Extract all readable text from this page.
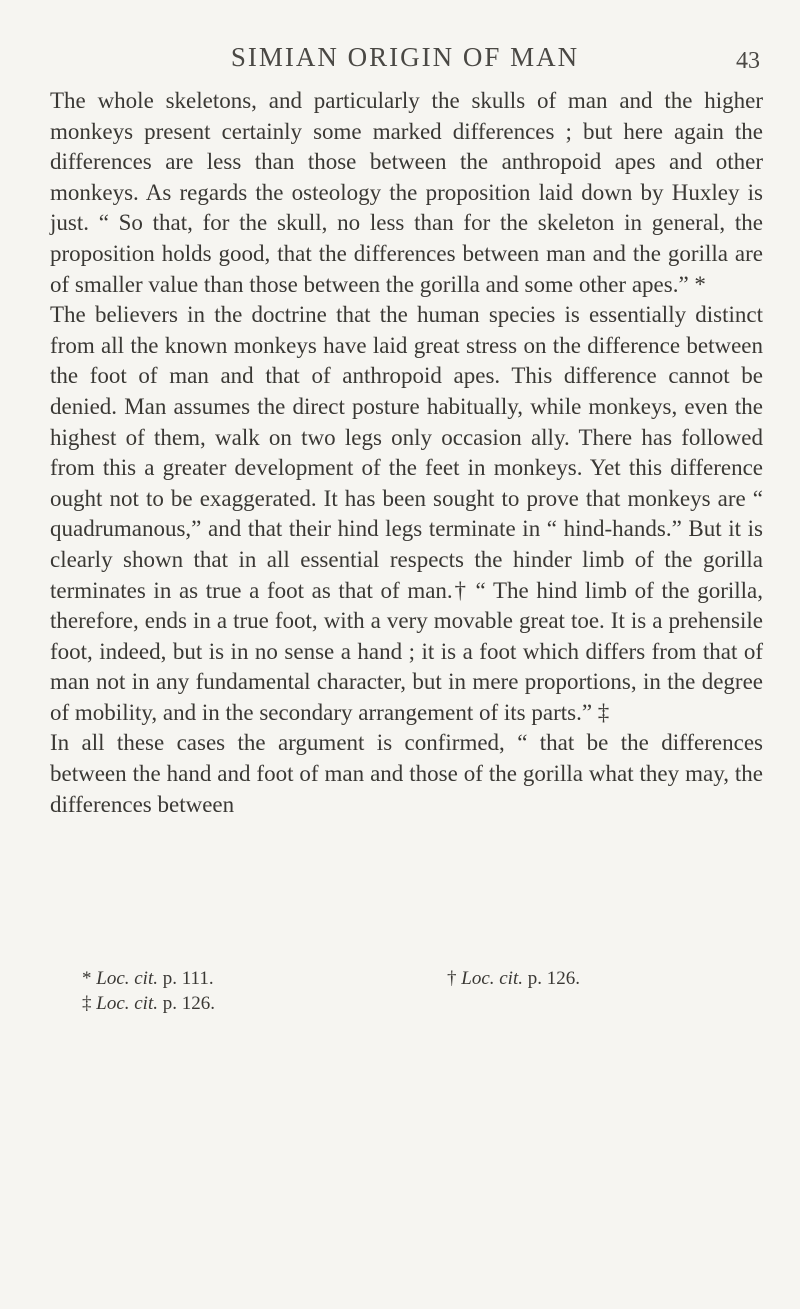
SIMIAN ORIGIN OF MAN	43

The whole skeletons, and particularly the skulls of man and the higher monkeys present certainly some marked differences ; but here again the differences are less than those between the anthropoid apes and other monkeys. As regards the osteology the proposition laid down by Huxley is just. “ So that, for the skull, no less than for the skeleton in general, the proposition holds good, that the differences between man and the gorilla are of smaller value than those between the gorilla and some other apes.” *

The believers in the doctrine that the human species is essentially distinct from all the known monkeys have laid great stress on the difference between the foot of man and that of anthropoid apes. This difference cannot be denied. Man assumes the direct posture habitually, while monkeys, even the highest of them, walk on two legs only occasion ally. There has followed from this a greater development of the feet in monkeys. Yet this difference ought not to be exaggerated. It has been sought to prove that monkeys are “ quadrumanous,” and that their hind legs terminate in “ hind-hands.” But it is clearly shown that in all essential respects the hinder limb of the gorilla terminates in as true a foot as that of man.† “ The hind limb of the gorilla, therefore, ends in a true foot, with a very movable great toe. It is a prehensile foot, indeed, but is in no sense a hand ; it is a foot which differs from that of man not in any fundamental character, but in mere proportions, in the degree of mobility, and in the secondary arrangement of its parts.” ‡

In all these cases the argument is confirmed, “ that be the differences between the hand and foot of man and those of the gorilla what they may, the differences between

* Loc. cit. p. 111.	† Loc. cit. p. 126.
‡ Loc. cit. p. 126.
